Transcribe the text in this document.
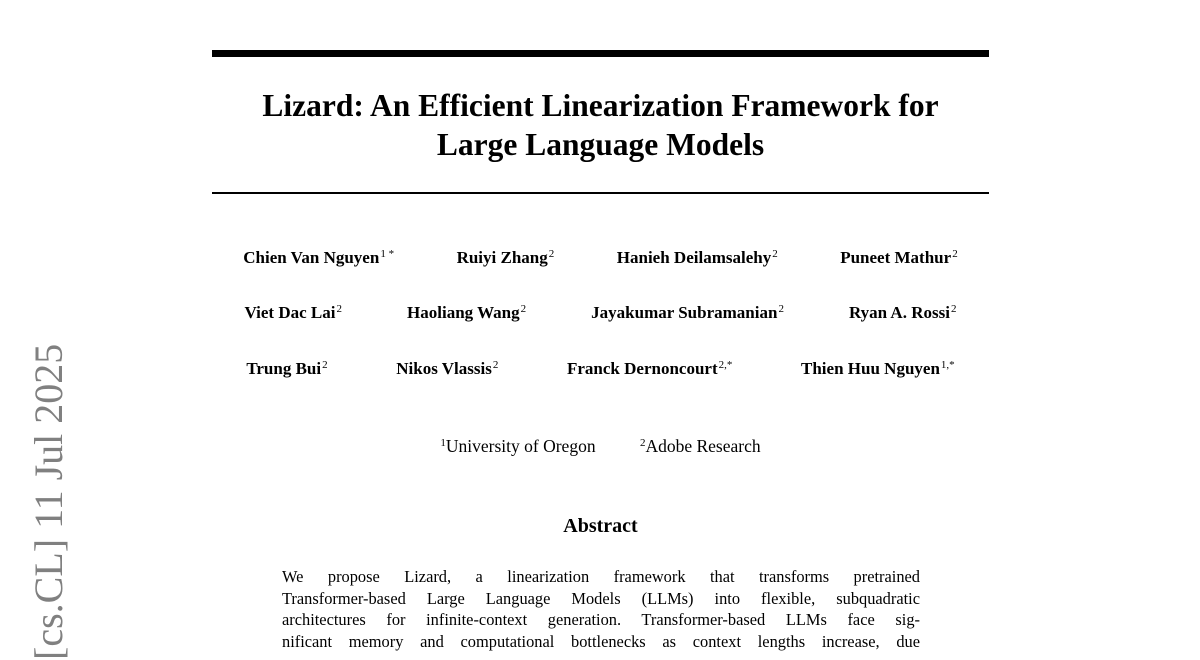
[cs.CL] 11 Jul 2025
Lizard: An Efficient Linearization Framework for
Large Language Models
Chien Van Nguyen$^{1 *}$	Ruiyi Zhang$^2$	Hanieh Deilamsalehy$^2$	Puneet Mathur$^2$
Viet Dac Lai$^2$	Haoliang Wang$^2$	Jayakumar Subramanian$^2$	Ryan A. Rossi$^2$
Trung Bui$^2$	Nikos Vlassis$^2$	Franck Dernoncourt$^{2,*}$	Thien Huu Nguyen$^{1,*}$
$^1$University of Oregon	$^2$Adobe Research
Abstract
We propose Lizard, a linearization framework that transforms pretrained
Transformer-based Large Language Models (LLMs) into flexible, subquadratic
architectures for infinite-context generation. Transformer-based LLMs face sig-
nificant memory and computational bottlenecks as context lengths increase, due
